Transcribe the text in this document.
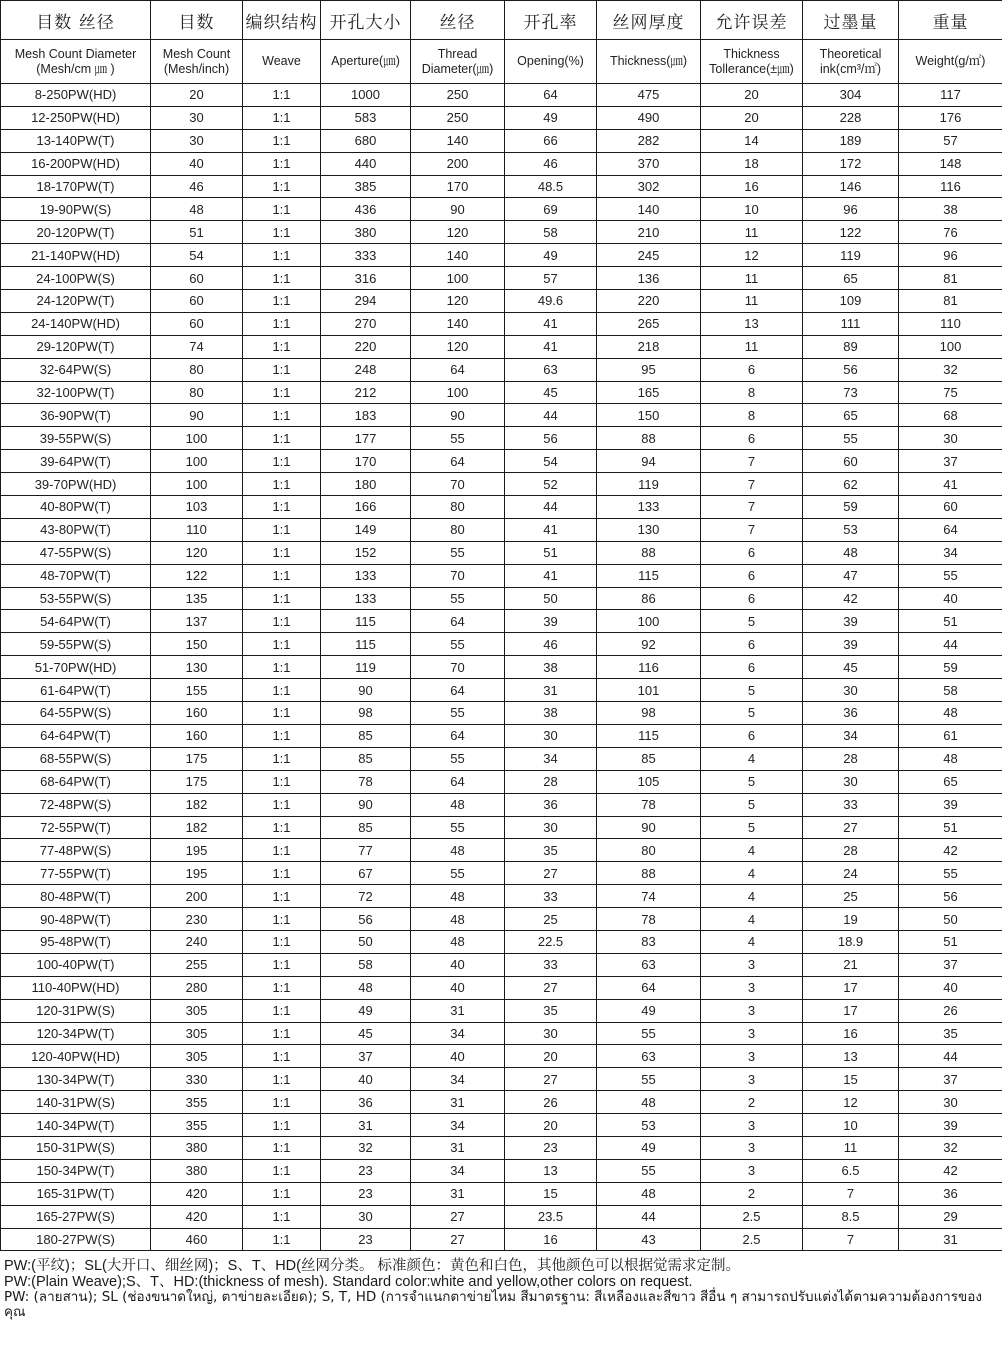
目数 丝径	目数	编织结构	开孔大小	丝径	开孔率	丝网厚度	允许误差	过墨量	重量
Mesh Count Diameter (Mesh/cm ㎛ )	Mesh Count (Mesh/inch)	Weave	Aperture(㎛)	Thread Diameter(㎛)	Opening(%)	Thickness(㎛)	Thickness Tollerance(±㎛)	Theoretical ink(cm³/㎡)	Weight(g/㎡)
8-250PW(HD)	20	1:1	1000	250	64	475	20	304	117
12-250PW(HD)	30	1:1	583	250	49	490	20	228	176
13-140PW(T)	30	1:1	680	140	66	282	14	189	57
16-200PW(HD)	40	1:1	440	200	46	370	18	172	148
18-170PW(T)	46	1:1	385	170	48.5	302	16	146	116
19-90PW(S)	48	1:1	436	90	69	140	10	96	38
20-120PW(T)	51	1:1	380	120	58	210	11	122	76
21-140PW(HD)	54	1:1	333	140	49	245	12	119	96
24-100PW(S)	60	1:1	316	100	57	136	11	65	81
24-120PW(T)	60	1:1	294	120	49.6	220	11	109	81
24-140PW(HD)	60	1:1	270	140	41	265	13	111	110
29-120PW(T)	74	1:1	220	120	41	218	11	89	100
32-64PW(S)	80	1:1	248	64	63	95	6	56	32
32-100PW(T)	80	1:1	212	100	45	165	8	73	75
36-90PW(T)	90	1:1	183	90	44	150	8	65	68
39-55PW(S)	100	1:1	177	55	56	88	6	55	30
39-64PW(T)	100	1:1	170	64	54	94	7	60	37
39-70PW(HD)	100	1:1	180	70	52	119	7	62	41
40-80PW(T)	103	1:1	166	80	44	133	7	59	60
43-80PW(T)	110	1:1	149	80	41	130	7	53	64
47-55PW(S)	120	1:1	152	55	51	88	6	48	34
48-70PW(T)	122	1:1	133	70	41	115	6	47	55
53-55PW(S)	135	1:1	133	55	50	86	6	42	40
54-64PW(T)	137	1:1	115	64	39	100	5	39	51
59-55PW(S)	150	1:1	115	55	46	92	6	39	44
51-70PW(HD)	130	1:1	119	70	38	116	6	45	59
61-64PW(T)	155	1:1	90	64	31	101	5	30	58
64-55PW(S)	160	1:1	98	55	38	98	5	36	48
64-64PW(T)	160	1:1	85	64	30	115	6	34	61
68-55PW(S)	175	1:1	85	55	34	85	4	28	48
68-64PW(T)	175	1:1	78	64	28	105	5	30	65
72-48PW(S)	182	1:1	90	48	36	78	5	33	39
72-55PW(T)	182	1:1	85	55	30	90	5	27	51
77-48PW(S)	195	1:1	77	48	35	80	4	28	42
77-55PW(T)	195	1:1	67	55	27	88	4	24	55
80-48PW(T)	200	1:1	72	48	33	74	4	25	56
90-48PW(T)	230	1:1	56	48	25	78	4	19	50
95-48PW(T)	240	1:1	50	48	22.5	83	4	18.9	51
100-40PW(T)	255	1:1	58	40	33	63	3	21	37
110-40PW(HD)	280	1:1	48	40	27	64	3	17	40
120-31PW(S)	305	1:1	49	31	35	49	3	17	26
120-34PW(T)	305	1:1	45	34	30	55	3	16	35
120-40PW(HD)	305	1:1	37	40	20	63	3	13	44
130-34PW(T)	330	1:1	40	34	27	55	3	15	37
140-31PW(S)	355	1:1	36	31	26	48	2	12	30
140-34PW(T)	355	1:1	31	34	20	53	3	10	39
150-31PW(S)	380	1:1	32	31	23	49	3	11	32
150-34PW(T)	380	1:1	23	34	13	55	3	6.5	42
165-31PW(T)	420	1:1	23	31	15	48	2	7	36
165-27PW(S)	420	1:1	30	27	23.5	44	2.5	8.5	29
180-27PW(S)	460	1:1	23	27	16	43	2.5	7	31
PW:(平纹)；SL(大开口、细丝网)；S、T、HD(丝网分类。 标准颜色：黄色和白色，其他颜色可以根据觉需求定制。
PW:(Plain Weave);S、T、HD:(thickness of mesh). Standard color:white and yellow,other colors on request.
PW: (ลายสาน); SL (ช่องขนาดใหญ่, ตาข่ายละเอียด); S, T, HD (การจำแนกตาข่ายไหม สีมาตรฐาน: สีเหลืองและสีขาว สีอื่น ๆ สามารถปรับแต่งได้ตามความต้องการของคุณ
